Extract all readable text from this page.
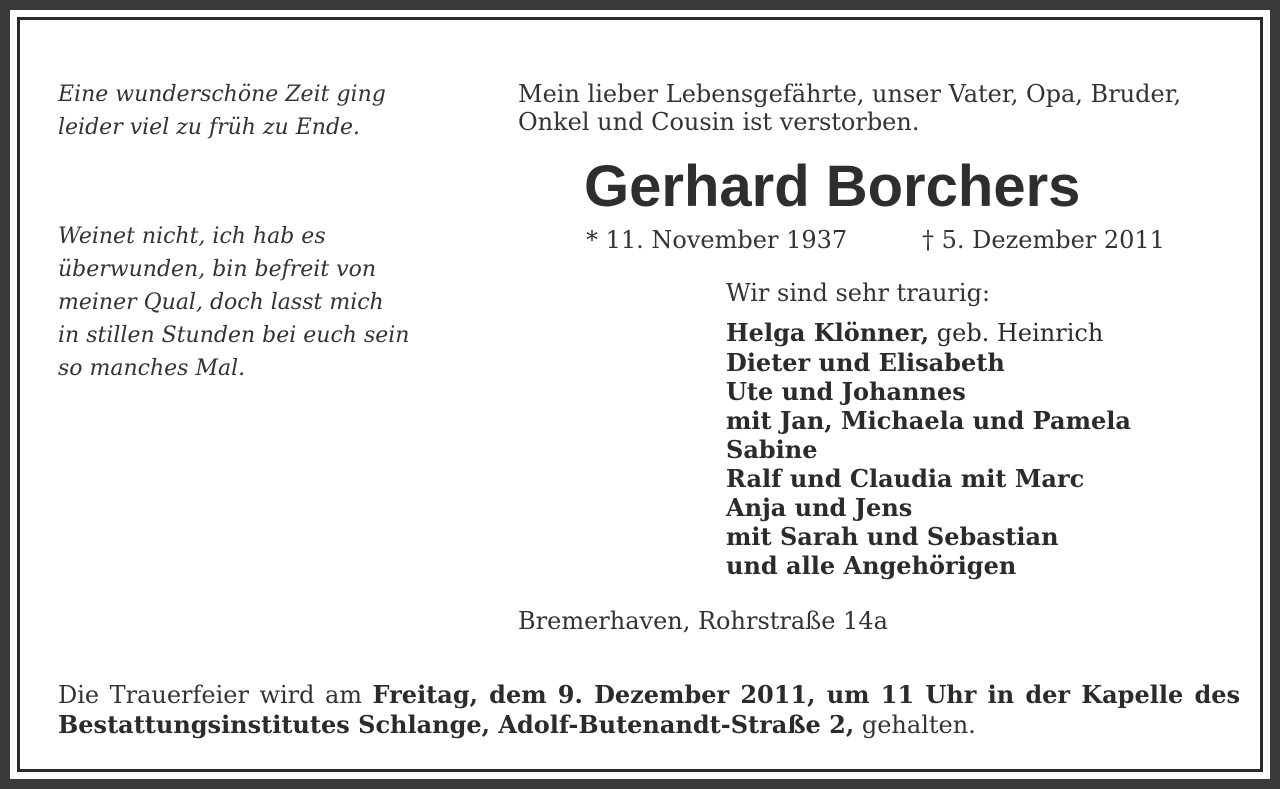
Eine wunderschöne Zeit ging
leider viel zu früh zu Ende.

Weinet nicht, ich hab es
überwunden, bin befreit von
meiner Qual, doch lasst mich
in stillen Stunden bei euch sein
so manches Mal.

Mein lieber Lebensgefährte, unser Vater, Opa, Bruder,
Onkel und Cousin ist verstorben.

Gerhard Borchers
* 11. November 1937	† 5. Dezember 2011

Wir sind sehr traurig:

Helga Klönner, geb. Heinrich
Dieter und Elisabeth
Ute und Johannes
mit Jan, Michaela und Pamela
Sabine
Ralf und Claudia mit Marc
Anja und Jens
mit Sarah und Sebastian
und alle Angehörigen

Bremerhaven, Rohrstraße 14a

Die Trauerfeier wird am Freitag, dem 9. Dezember 2011, um 11 Uhr in der Kapelle des Bestattungsinstitutes Schlange, Adolf-Butenandt-Straße 2, gehalten.
